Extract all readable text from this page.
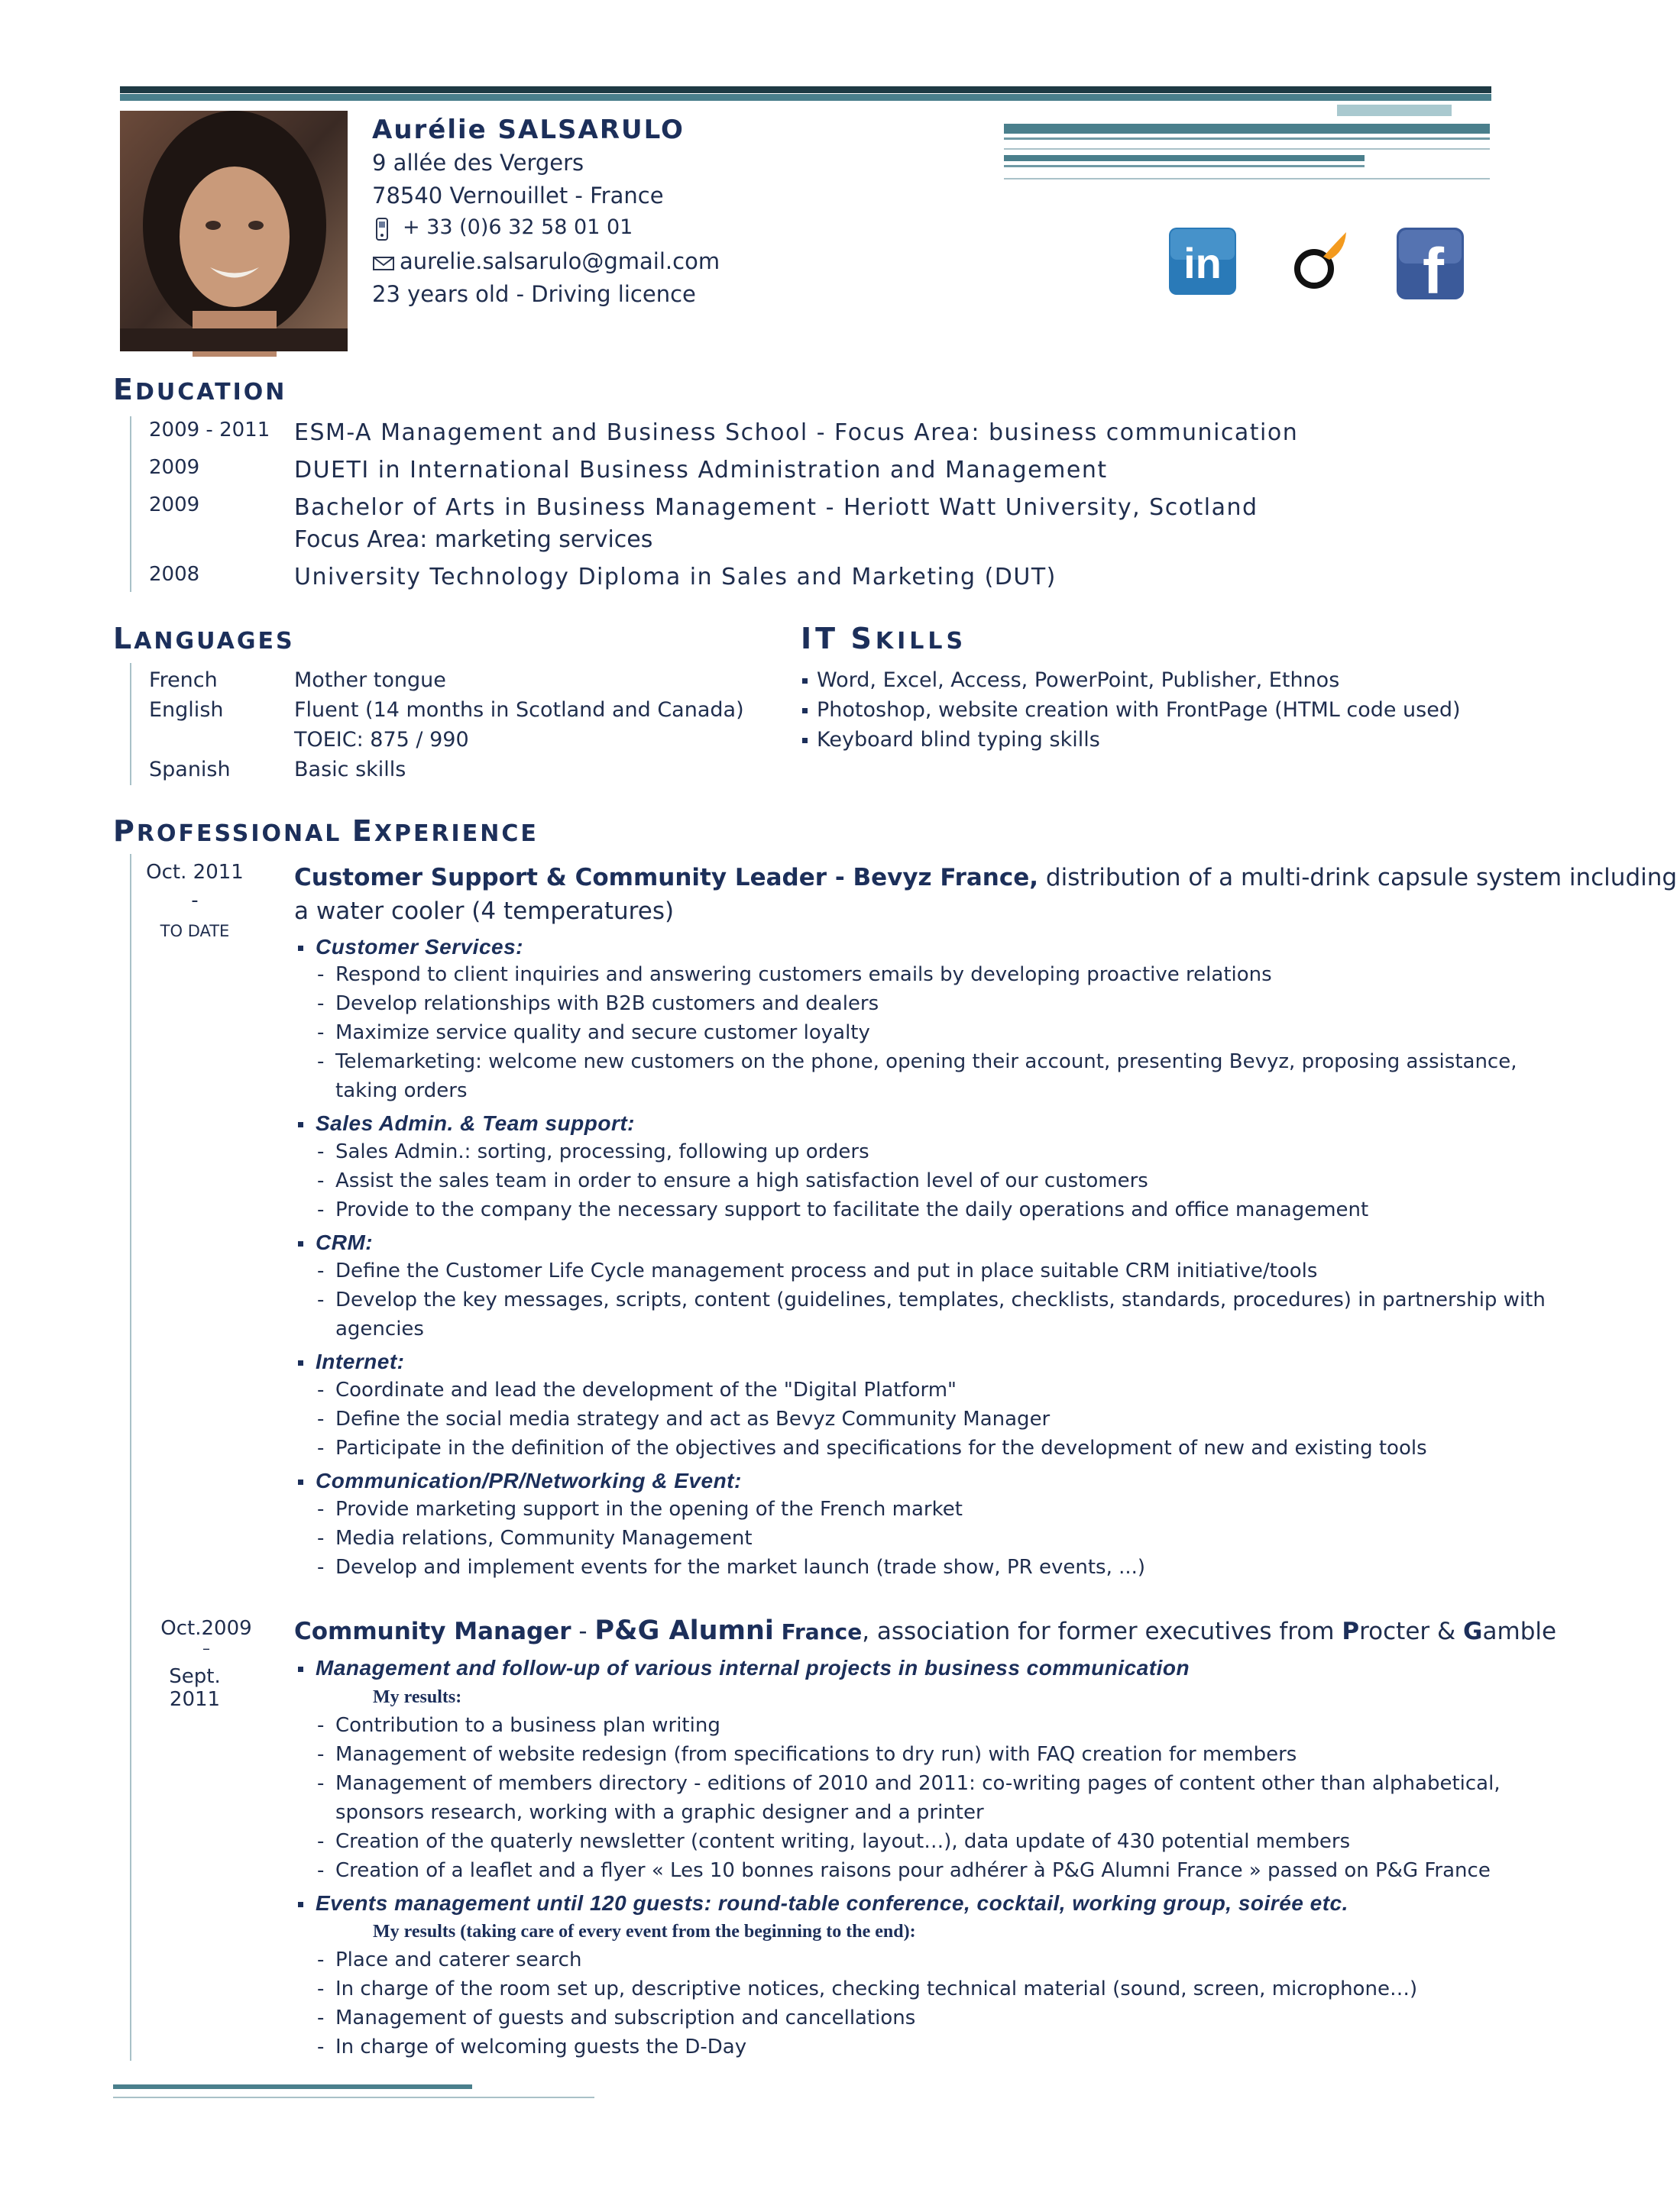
Aurélie SALSARULO
9 allée des Vergers
78540 Vernouillet - France
+ 33 (0)6 32 58 01 01
aurelie.salsarulo@gmail.com
23 years old - Driving licence
in	f
EDUCATION
2009 - 2011 ESM-A Management and Business School - Focus Area: business communication
2009	DUETI in International Business Administration and Management
2009	Bachelor of Arts in Business Management - Heriott Watt University, Scotland
Focus Area: marketing services
2008	University Technology Diploma in Sales and Marketing (DUT)
LANGUAGES
French	Mother tongue
English	Fluent (14 months in Scotland and Canada)
TOEIC: 875 / 990
Spanish	Basic skills
IT SKILLS
Word, Excel, Access, PowerPoint, Publisher, Ethnos
Photoshop, website creation with FrontPage (HTML code used)
Keyboard blind typing skills
PROFESSIONAL EXPERIENCE
Oct. 2011
-
TO DATE
Customer Support & Community Leader - Bevyz France, distribution of a multi-drink capsule system including
a water cooler (4 temperatures)
Customer Services:
- Respond to client inquiries and answering customers emails by developing proactive relations
- Develop relationships with B2B customers and dealers
- Maximize service quality and secure customer loyalty
- Telemarketing: welcome new customers on the phone, opening their account, presenting Bevyz, proposing assistance,
taking orders
Sales Admin. & Team support:
- Sales Admin.: sorting, processing, following up orders
- Assist the sales team in order to ensure a high satisfaction level of our customers
- Provide to the company the necessary support to facilitate the daily operations and office management
CRM:
- Define the Customer Life Cycle management process and put in place suitable CRM initiative/tools
- Develop the key messages, scripts, content (guidelines, templates, checklists, standards, procedures) in partnership with
agencies
Internet:
- Coordinate and lead the development of the "Digital Platform"
- Define the social media strategy and act as Bevyz Community Manager
- Participate in the definition of the objectives and specifications for the development of new and existing tools
Communication/PR/Networking & Event:
- Provide marketing support in the opening of the French market
- Media relations, Community Management
- Develop and implement events for the market launch (trade show, PR events, ...)
Oct.2009
–
Sept. 2011
Community Manager - P&G Alumni France, association for former executives from Procter & Gamble
Management and follow-up of various internal projects in business communication
My results:
- Contribution to a business plan writing
- Management of website redesign (from specifications to dry run) with FAQ creation for members
- Management of members directory - editions of 2010 and 2011: co-writing pages of content other than alphabetical,
sponsors research, working with a graphic designer and a printer
- Creation of the quaterly newsletter (content writing, layout…), data update of 430 potential members
- Creation of a leaflet and a flyer « Les 10 bonnes raisons pour adhérer à P&G Alumni France » passed on P&G France
Events management until 120 guests: round-table conference, cocktail, working group, soirée etc.
My results (taking care of every event from the beginning to the end):
- Place and caterer search
- In charge of the room set up, descriptive notices, checking technical material (sound, screen, microphone…)
- Management of guests and subscription and cancellations
- In charge of welcoming guests the D-Day
